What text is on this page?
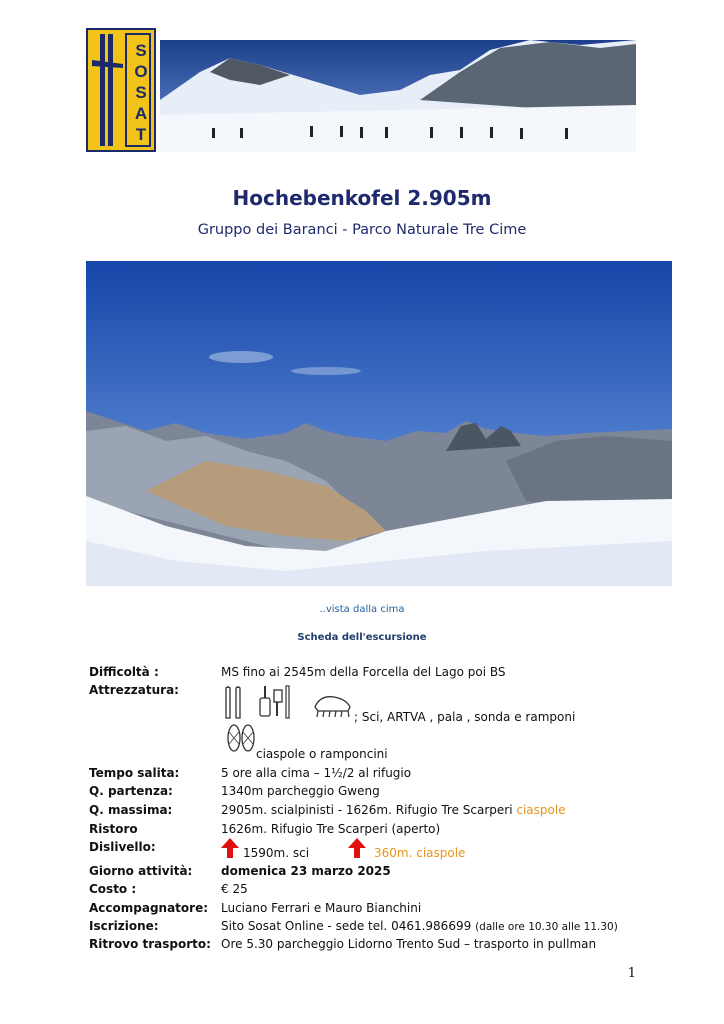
S
O
S
A
T
Hochebenkofel 2.905m
Gruppo dei Baranci - Parco Naturale Tre Cime
..vista dalla cima
Scheda dell'escursione
Difficoltà :	MS fino ai 2545m della Forcella del Lago poi BS
Attrezzatura:
; Sci, ARTVA , pala , sonda e ramponi
ciaspole o ramponcini
Tempo salita:	5 ore alla cima – 1½/2 al rifugio
Q. partenza:	1340m parcheggio Gweng
Q. massima:	2905m. scialpinisti - 1626m. Rifugio Tre Scarperi ciaspole
Ristoro	1626m. Rifugio Tre Scarperi (aperto)
Dislivello:	1590m. sci	360m. ciaspole
Giorno attività: domenica 23 marzo 2025
Costo :	€ 25
Accompagnatore: Luciano Ferrari e Mauro Bianchini
Iscrizione:	Sito Sosat Online - sede tel. 0461.986699 (dalle ore 10.30 alle 11.30)
Ritrovo trasporto: Ore 5.30 parcheggio Lidorno Trento Sud – trasporto in pullman
1
